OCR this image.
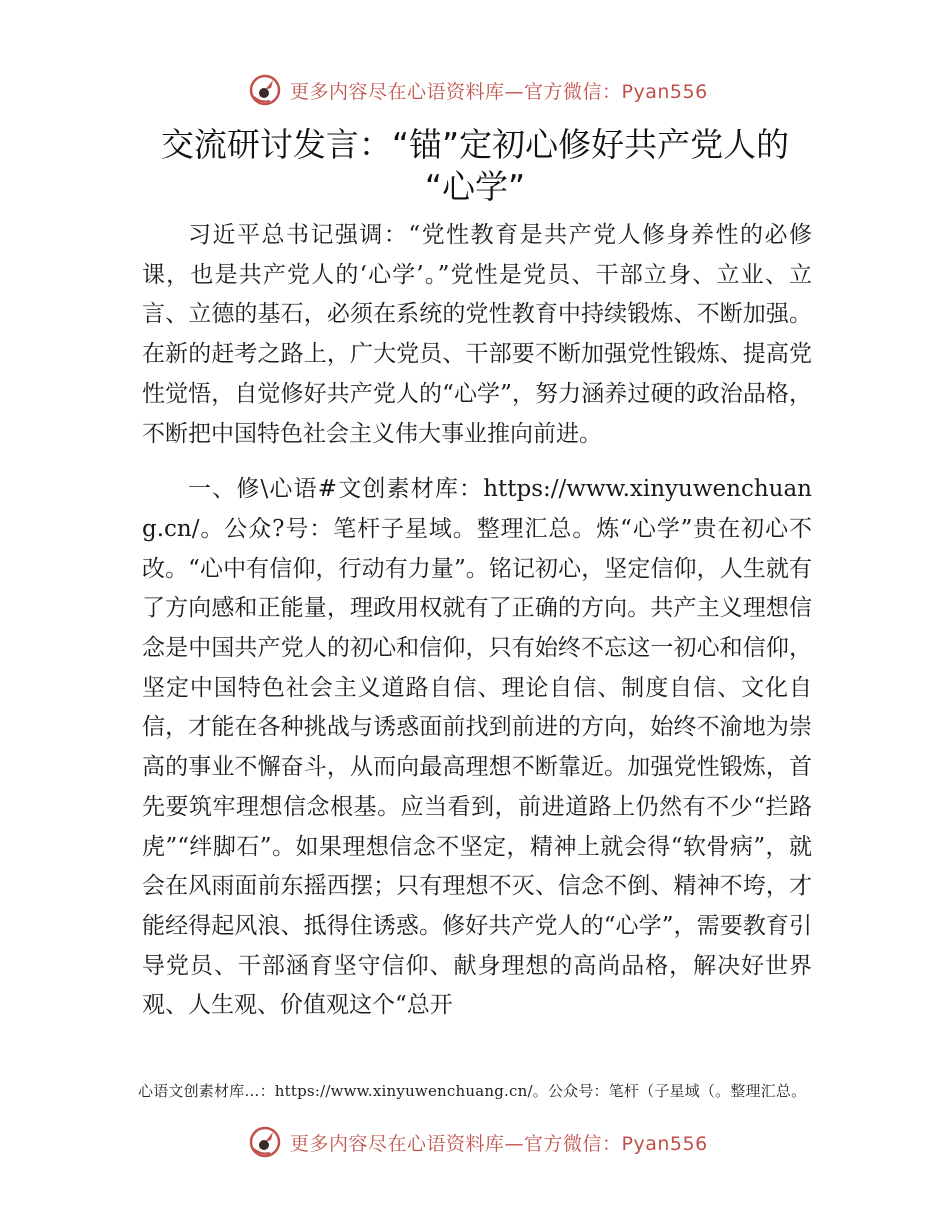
更多内容尽在心语资料库—官方微信：Pyan556
交流研讨发言：“锚”定初心修好共产党人的
“心学”

习近平总书记强调：“党性教育是共产党人修身养性的必修课，也是共产党人的‘心学’。”党性是党员、干部立身、立业、立言、立德的基石，必须在系统的党性教育中持续锻炼、不断加强。在新的赶考之路上，广大党员、干部要不断加强党性锻炼、提高党性觉悟，自觉修好共产党人的“心学”，努力涵养过硬的政治品格，不断把中国特色社会主义伟大事业推向前进。

一、修\心语#文创素材库：https://www.xinyuwenchuang.cn/。公众?号：笔杆子星域。整理汇总。炼“心学”贵在初心不改。“心中有信仰，行动有力量”。铭记初心，坚定信仰，人生就有了方向感和正能量，理政用权就有了正确的方向。共产主义理想信念是中国共产党人的初心和信仰，只有始终不忘这一初心和信仰，坚定中国特色社会主义道路自信、理论自信、制度自信、文化自信，才能在各种挑战与诱惑面前找到前进的方向，始终不渝地为崇高的事业不懈奋斗，从而向最高理想不断靠近。加强党性锻炼，首先要筑牢理想信念根基。应当看到，前进道路上仍然有不少“拦路虎”“绊脚石”。如果理想信念不坚定，精神上就会得“软骨病”，就会在风雨面前东摇西摆；只有理想不灭、信念不倒、精神不垮，才能经得起风浪、抵得住诱惑。修好共产党人的“心学”，需要教育引导党员、干部涵育坚守信仰、献身理想的高尚品格，解决好世界观、人生观、价值观这个“总开

心语文创素材库…：https://www.xinyuwenchuang.cn/。公众号：笔杆（子星域（。整理汇总。
更多内容尽在心语资料库—官方微信：Pyan556
